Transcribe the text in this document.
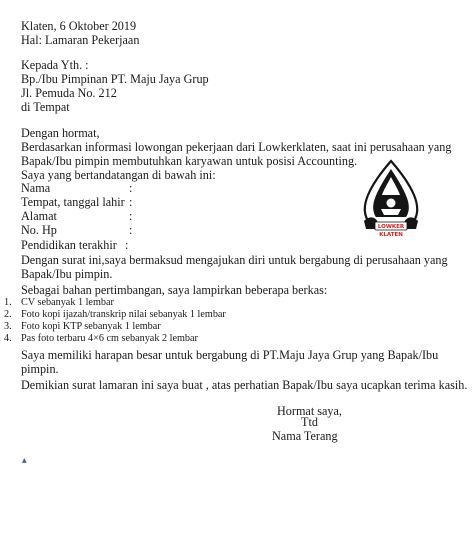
Klaten, 6 Oktober 2019
Hal: Lamaran Pekerjaan
Kepada Yth. :
Bp./Ibu Pimpinan PT. Maju Jaya Grup
Jl. Pemuda No. 212
di Tempat
Dengan hormat,
Berdasarkan informasi lowongan pekerjaan dari Lowkerklaten, saat ini perusahaan yang
Bapak/Ibu pimpin membutuhkan karyawan untuk posisi Accounting.
Saya yang bertandatangan di bawah ini:
Nama	:
Tempat, tanggal lahir :
Alamat	:
No. Hp	:
Pendidikan terakhir :
Dengan surat ini,saya bermaksud mengajukan diri untuk bergabung di perusahaan yang
Bapak/Ibu pimpin.
Sebagai bahan pertimbangan, saya lampirkan beberapa berkas:
1. CV sebanyak 1 lembar
2. Foto kopi ijazah/transkrip nilai sebanyak 1 lembar
3. Foto kopi KTP sebanyak 1 lembar
4. Pas foto terbaru 4×6 cm sebanyak 2 lembar
Saya memiliki harapan besar untuk bergabung di PT.Maju Jaya Grup yang Bapak/Ibu
pimpin.
Demikian surat lamaran ini saya buat , atas perhatian Bapak/Ibu saya ucapkan terima kasih.
Hormat saya,
Ttd
Nama Terang
▲
LOWKER
KLATEN
